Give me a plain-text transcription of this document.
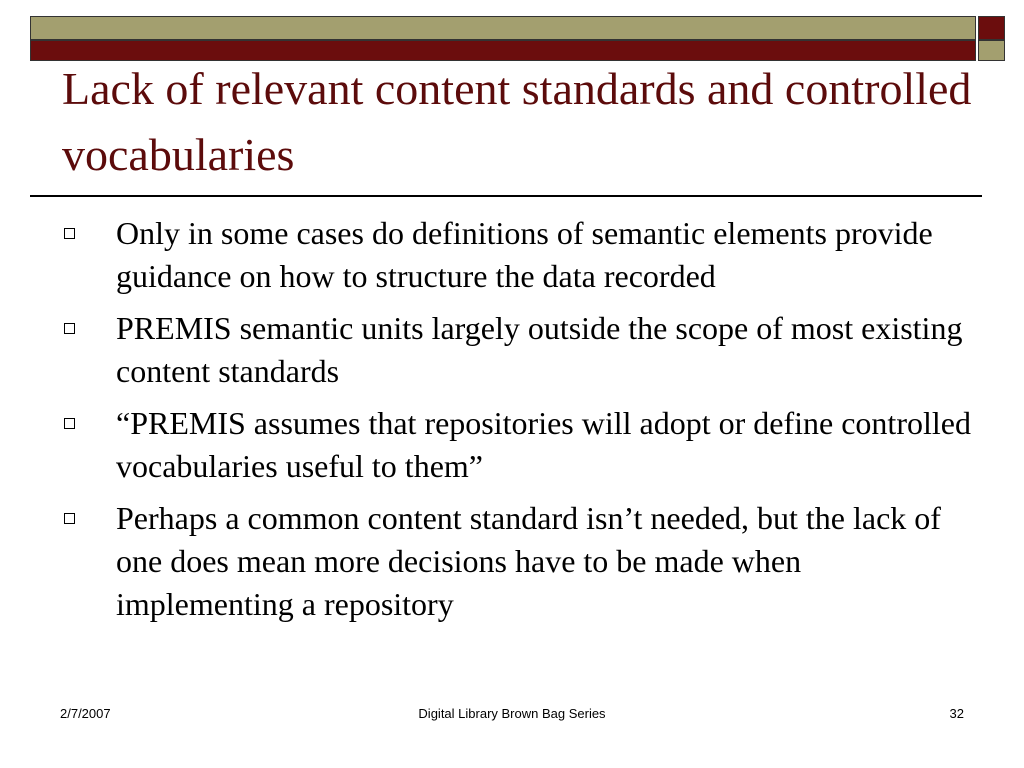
Lack of relevant content standards and controlled vocabularies
Only in some cases do definitions of semantic elements provide guidance on how to structure the data recorded
PREMIS semantic units largely outside the scope of most existing content standards
“PREMIS assumes that repositories will adopt or define controlled vocabularies useful to them”
Perhaps a common content standard isn’t needed, but the lack of one does mean more decisions have to be made when implementing a repository
2/7/2007	Digital Library Brown Bag Series	32
